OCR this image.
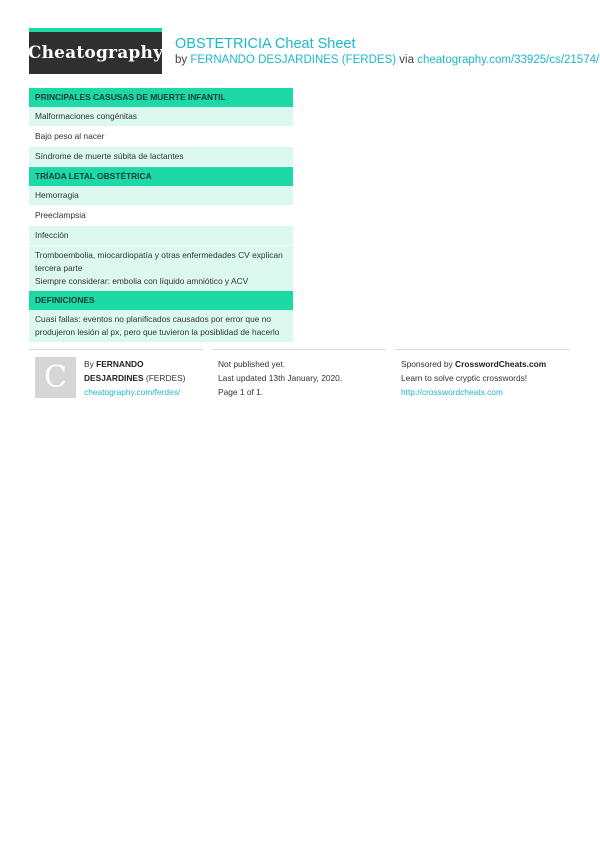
Cheatography OBSTETRICIA Cheat Sheet
by FERNANDO DESJARDINES (FERDES) via cheatography.com/33925/cs/21574/
PRINCIPALES CASUSAS DE MUERTE INFANTIL
Malformaciones congénitas
Bajo peso al nacer
Síndrome de muerte súbita de lactantes
TRÍADA LETAL OBSTÉTRICA
Hemorragia
Preeclampsia
Infección
Tromboembolia, miocardiopatía y otras enfermedades CV explican tercera parte
Siempre considerar: embolia con líquido amniótico y ACV
DEFINICIONES
Cuasi fallas: eventos no planificados causados por error que no produjeron lesión al px, pero que tuvieron la posiblidad de hacerlo
C By FERNANDO DESJARDINES (FERDES)
cheatography.com/ferdes/
Not published yet.
Last updated 13th January, 2020.
Page 1 of 1.
Sponsored by CrosswordCheats.com
Learn to solve cryptic crosswords!
http://crosswordcheats.com
